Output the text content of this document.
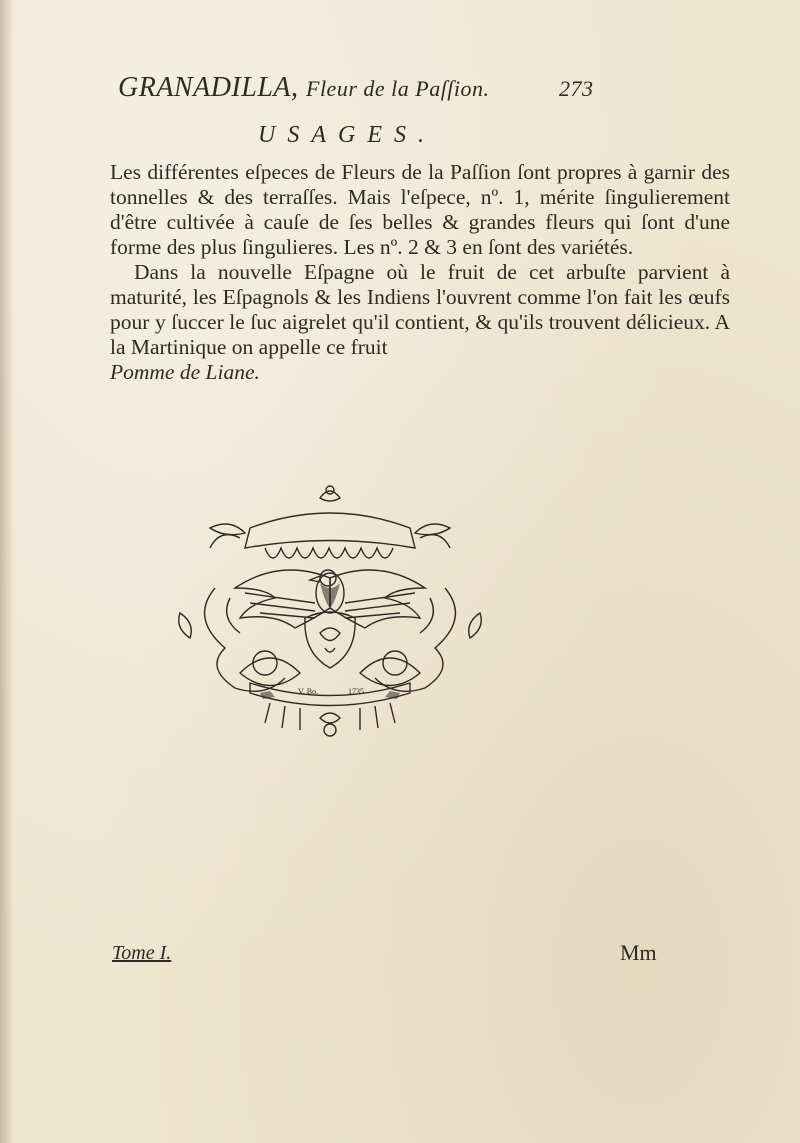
GRANADILLA, Fleur de la Paſſion.	273
USAGES.

Les différentes eſpeces de Fleurs de la Paſſion ſont propres à garnir des tonnelles & des terraſſes. Mais l'eſpece, nº. 1, mérite ſingulierement d'être cultivée à cauſe de ſes belles & grandes fleurs qui ſont d'une forme des plus ſingulieres. Les nº. 2 & 3 en ſont des variétés.

Dans la nouvelle Eſpagne où le fruit de cet arbuſte parvient à maturité, les Eſpagnols & les Indiens l'ouvrent comme l'on fait les œufs pour y ſuccer le ſuc aigrelet qu'il contient, & qu'ils trouvent délicieux. A la Martinique on appelle ce fruit
Pomme de Liane.

V. Bo.	1735
Tome I.	Mm
